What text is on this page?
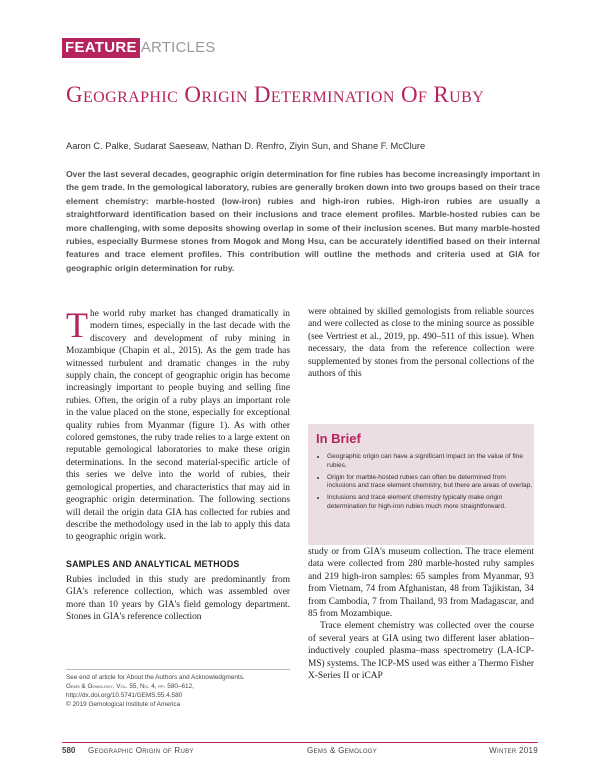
FEATURE ARTICLES
Geographic Origin Determination Of Ruby
Aaron C. Palke, Sudarat Saeseaw, Nathan D. Renfro, Ziyin Sun, and Shane F. McClure
Over the last several decades, geographic origin determination for fine rubies has become increasingly important in the gem trade. In the gemological laboratory, rubies are generally broken down into two groups based on their trace element chemistry: marble-hosted (low-iron) rubies and high-iron rubies. High-iron rubies are usually a straightforward identification based on their inclusions and trace element profiles. Marble-hosted rubies can be more challenging, with some deposits showing overlap in some of their inclusion scenes. But many marble-hosted rubies, especially Burmese stones from Mogok and Mong Hsu, can be accurately identified based on their internal features and trace element profiles. This contribution will outline the methods and criteria used at GIA for geographic origin determination for ruby.

The world ruby market has changed dramatically in modern times, especially in the last decade with the discovery and development of ruby mining in Mozambique (Chapin et al., 2015). As the gem trade has witnessed turbulent and dramatic changes in the ruby supply chain, the concept of geographic origin has become increasingly important to people buying and selling fine rubies. Often, the origin of a ruby plays an important role in the value placed on the stone, especially for exceptional quality rubies from Myanmar (figure 1). As with other colored gemstones, the ruby trade relies to a large extent on reputable gemological laboratories to make these origin determinations. In the second material-specific article of this series we delve into the world of rubies, their gemological properties, and characteristics that may aid in geographic origin determination. The following sections will detail the origin data GIA has collected for rubies and describe the methodology used in the lab to apply this data to geographic origin work.

SAMPLES AND ANALYTICAL METHODS

Rubies included in this study are predominantly from GIA's reference collection, which was assembled over more than 10 years by GIA's field gemology department. Stones in GIA's reference collection

were obtained by skilled gemologists from reliable sources and were collected as close to the mining source as possible (see Vertriest et al., 2019, pp. 490–511 of this issue). When necessary, the data from the reference collection were supplemented by stones from the personal collections of the authors of this

In Brief
• Geographic origin can have a significant impact on the value of fine rubies.
• Origin for marble-hosted rubies can often be determined from inclusions and trace element chemistry, but there are areas of overlap.
• Inclusions and trace element chemistry typically make origin determination for high-iron rubies much more straightforward.

study or from GIA's museum collection. The trace element data were collected from 280 marble-hosted ruby samples and 219 high-iron samples: 65 samples from Myanmar, 93 from Vietnam, 74 from Afghanistan, 48 from Tajikistan, 34 from Cambodia, 7 from Thailand, 93 from Madagascar, and 85 from Mozambique.

Trace element chemistry was collected over the course of several years at GIA using two different laser ablation–inductively coupled plasma–mass spectrometry (LA-ICP-MS) systems. The ICP-MS used was either a Thermo Fisher X-Series II or iCAP

See end of article for About the Authors and Acknowledgments.
Gems & Gemology, Vol. 55, No. 4, pp. 580–612,
http://dx.doi.org/10.5741/GEMS.55.4.580
© 2019 Gemological Institute of America
580 Geographic Origin of Ruby	Gems & Gemology	Winter 2019
